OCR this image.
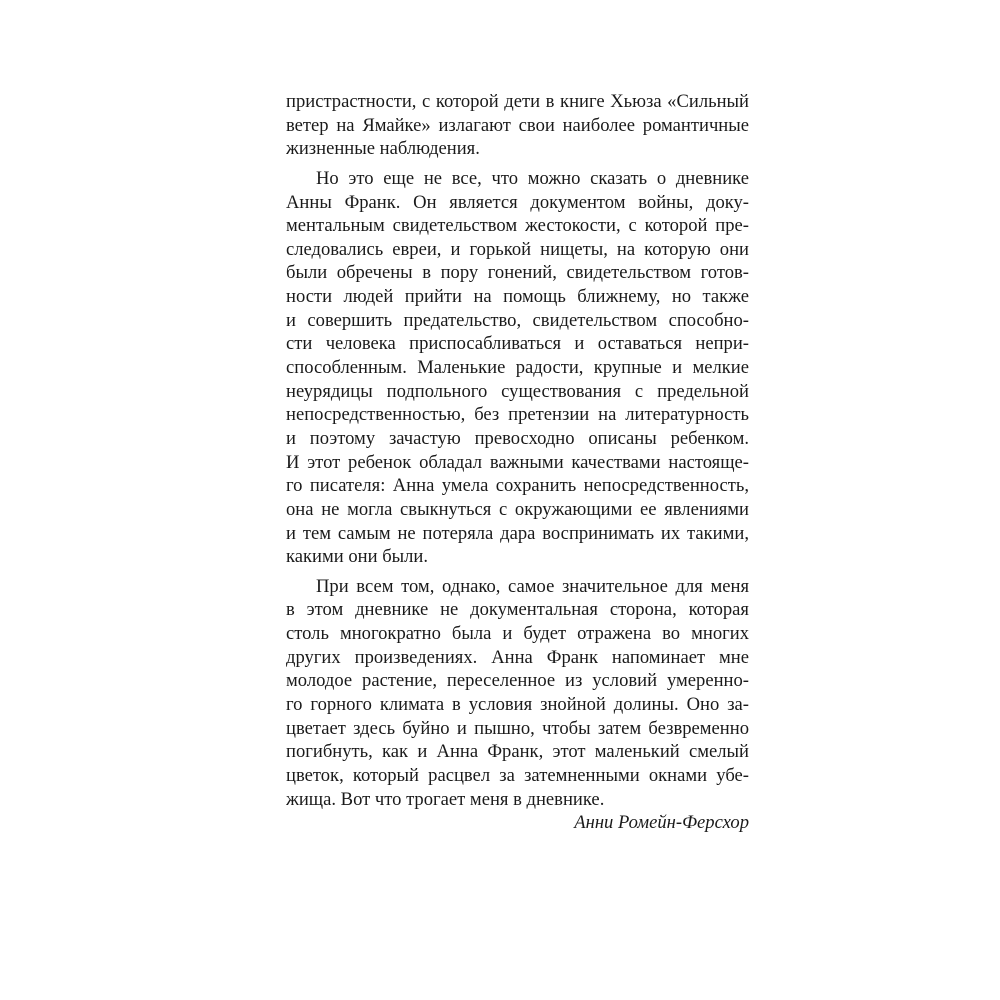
пристрастности, с которой дети в книге Хьюза «Сильный
ветер на Ямайке» излагают свои наиболее романтичные
жизненные наблюдения.
Но это еще не все, что можно сказать о дневнике
Анны Франк. Он является документом войны, доку-
ментальным свидетельством жестокости, с которой пре-
следовались евреи, и горькой нищеты, на которую они
были обречены в пору гонений, свидетельством готов-
ности людей прийти на помощь ближнему, но также
и совершить предательство, свидетельством способно-
сти человека приспосабливаться и оставаться непри-
способленным. Маленькие радости, крупные и мелкие
неурядицы подпольного существования с предельной
непосредственностью, без претензии на литературность
и поэтому зачастую превосходно описаны ребенком.
И этот ребенок обладал важными качествами настояще-
го писателя: Анна умела сохранить непосредственность,
она не могла свыкнуться с окружающими ее явлениями
и тем самым не потеряла дара воспринимать их такими,
какими они были.
При всем том, однако, самое значительное для меня
в этом дневнике не документальная сторона, которая
столь многократно была и будет отражена во многих
других произведениях. Анна Франк напоминает мне
молодое растение, переселенное из условий умеренно-
го горного климата в условия знойной долины. Оно за-
цветает здесь буйно и пышно, чтобы затем безвременно
погибнуть, как и Анна Франк, этот маленький смелый
цветок, который расцвел за затемненными окнами убе-
жища. Вот что трогает меня в дневнике.
Анни Ромейн-Ферсхор
